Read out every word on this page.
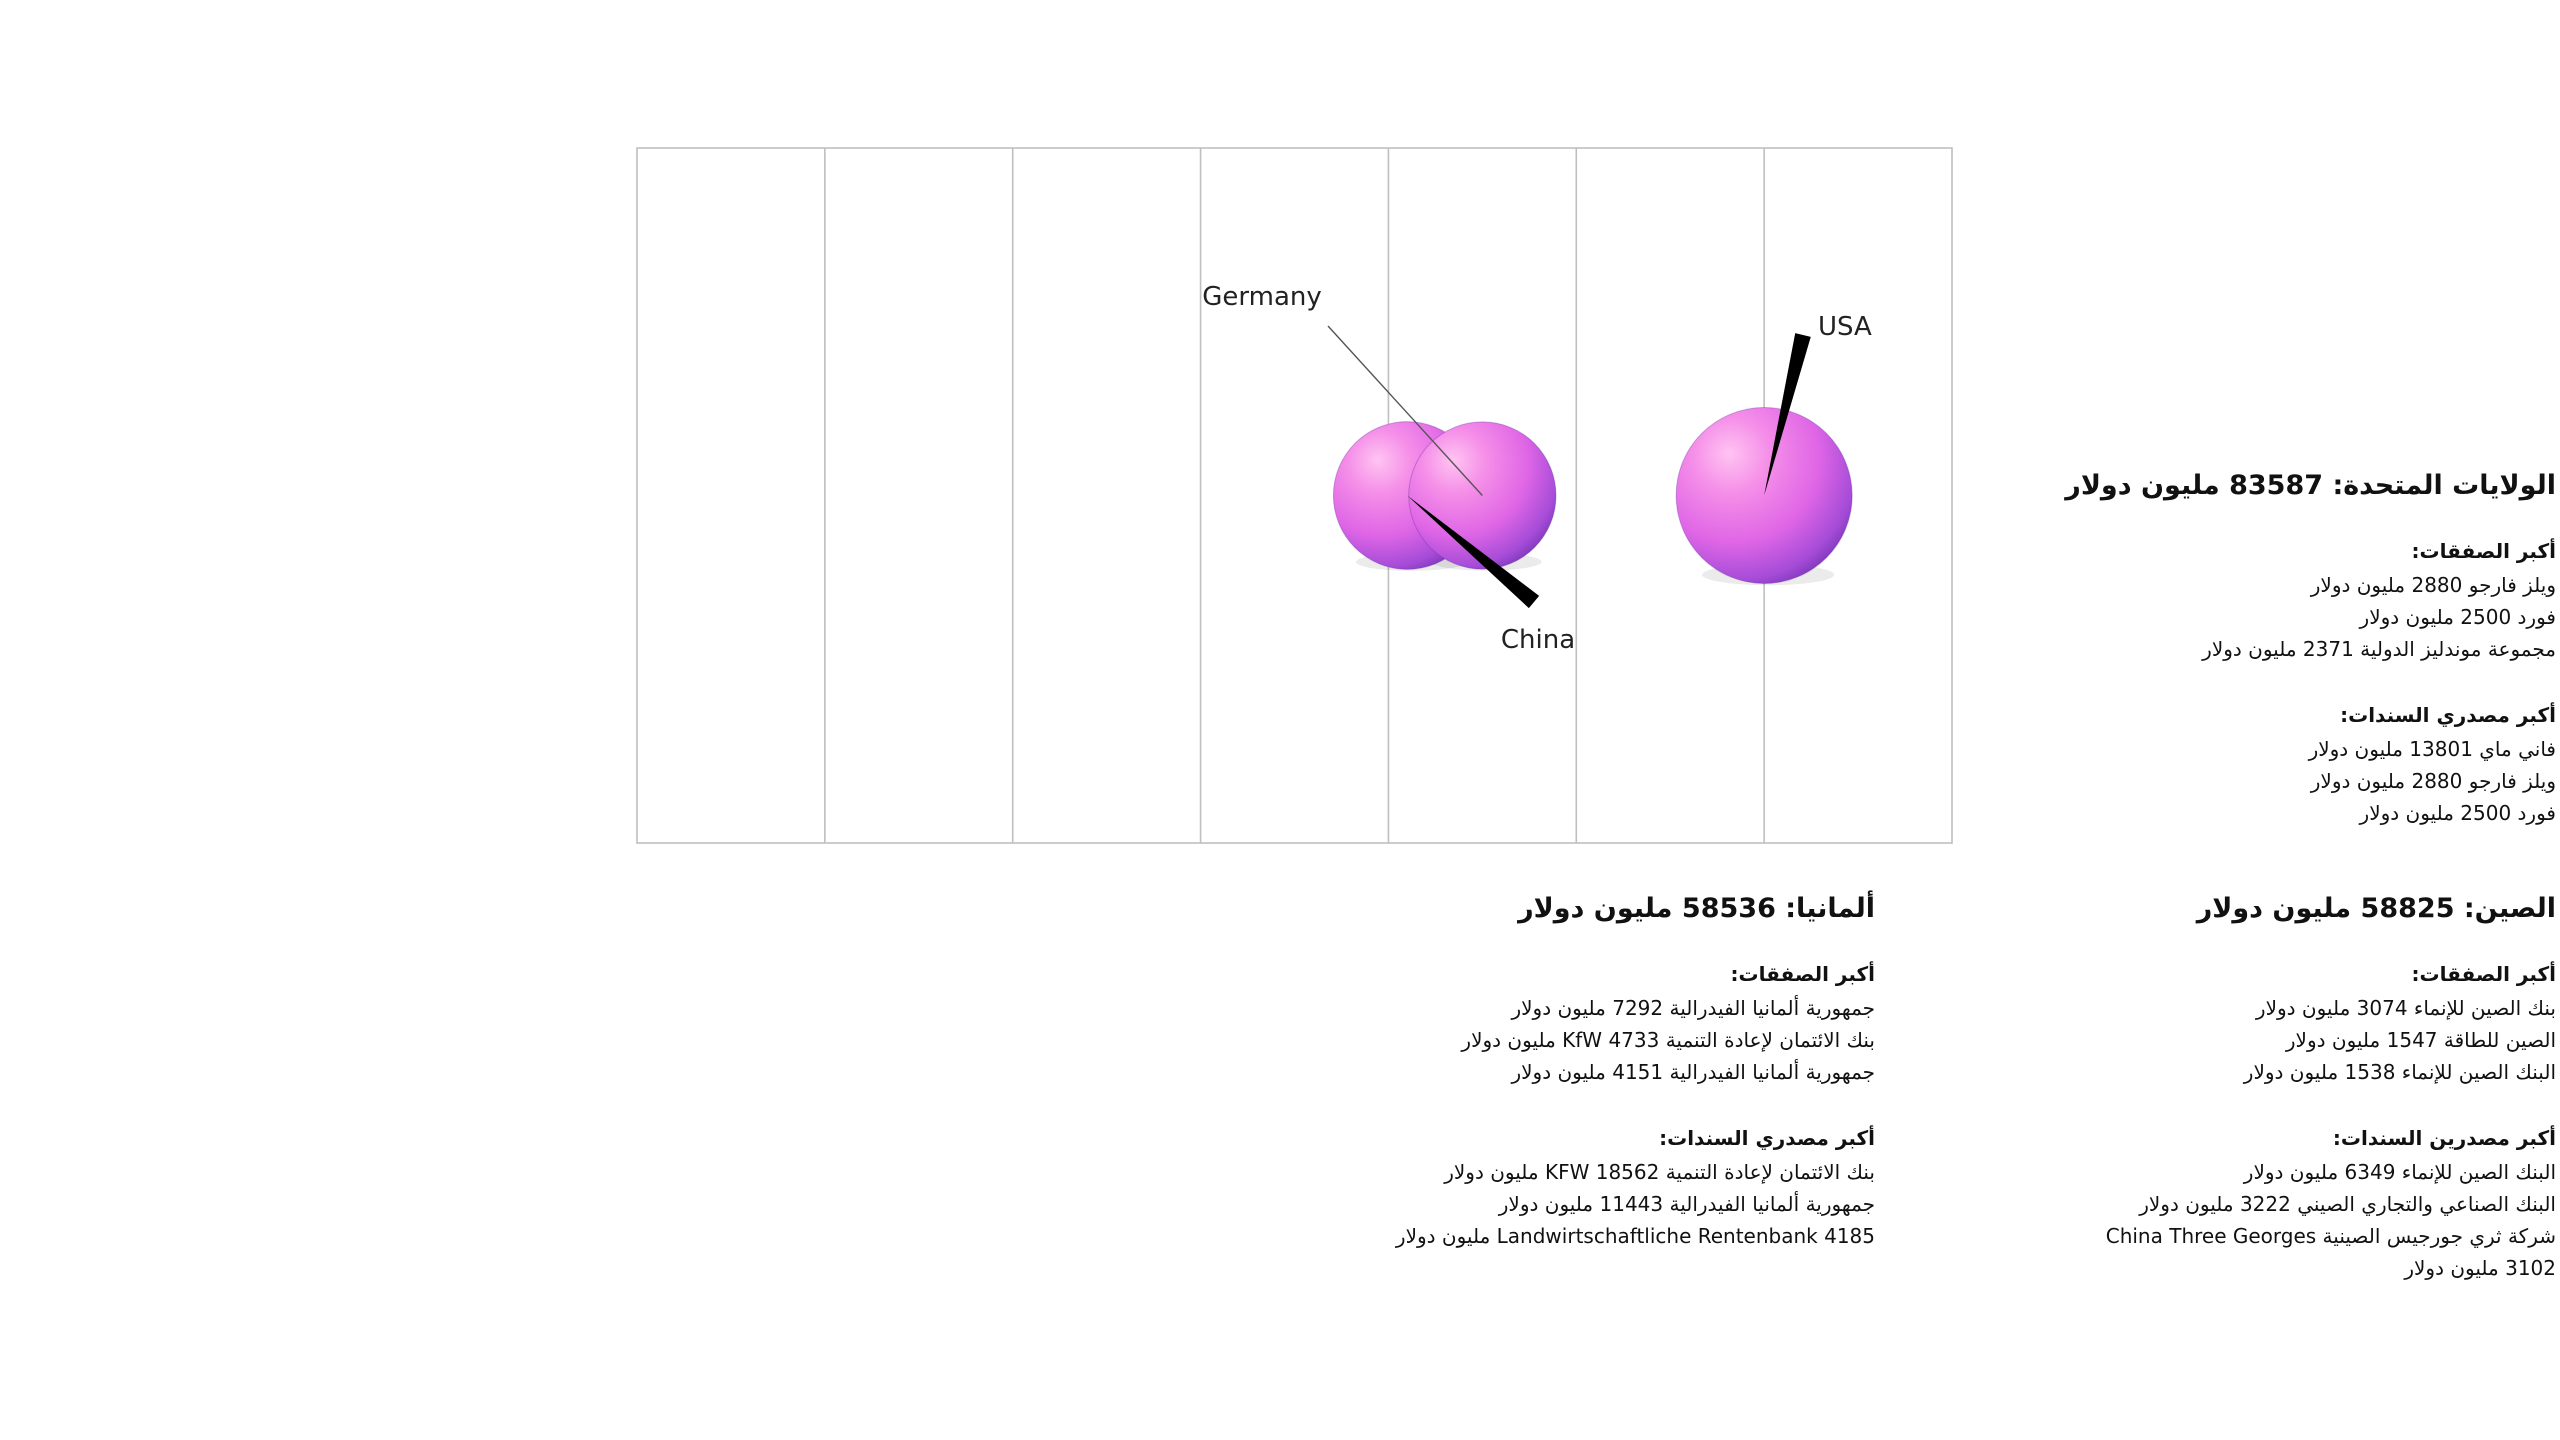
China
Germany
USA
الولايات المتحدة: 83587 مليون دولار
أكبر الصفقات:
ويلز فارجو 2880 مليون دولار
فورد 2500 مليون دولار
مجموعة موندليز الدولية 2371 مليون دولار
أكبر مصدري السندات:
فاني ماي 13801 مليون دولار
ويلز فارجو 2880 مليون دولار
فورد 2500 مليون دولار
الصين: 58825 مليون دولار
أكبر الصفقات:
بنك الصين للإنماء 3074 مليون دولار
الصين للطاقة 1547 مليون دولار
البنك الصين للإنماء 1538 مليون دولار
أكبر مصدرين السندات:
البنك الصين للإنماء 6349 مليون دولار
البنك الصناعي والتجاري الصيني 3222 مليون دولار
شركة ثري جورجيس الصينية China Three Georges 3102 مليون دولار
ألمانيا: 58536 مليون دولار
أكبر الصفقات:
جمهورية ألمانيا الفيدرالية 7292 مليون دولار
بنك الائتمان لإعادة التنمية 4733 KfW مليون دولار
جمهورية ألمانيا الفيدرالية 4151 مليون دولار
أكبر مصدري السندات:
بنك الائتمان لإعادة التنمية KFW 18562 مليون دولار
جمهورية ألمانيا الفيدرالية 11443 مليون دولار
Landwirtschaftliche Rentenbank 4185 مليون دولار
